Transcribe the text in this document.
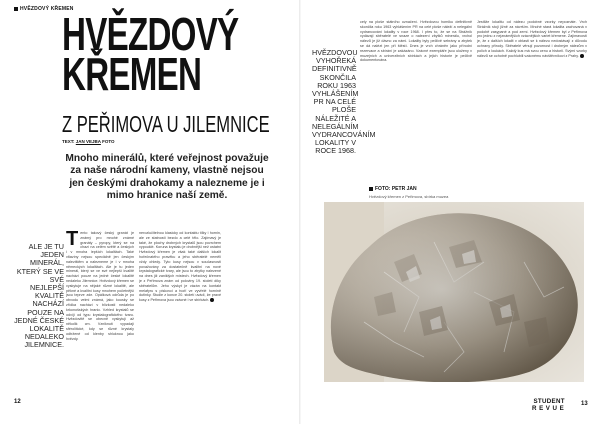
HVĚZDOVÝ KŘEMEN
HVĚZDOVÝ
KŘEMEN
Z PEŘIMOVA U JILEMNICE
TEXT: JAN VEJBA FOTO
Mnoho minerálů, které veřejnost považuje za naše národní kameny, vlastně nejsou jen českými drahokamy a nalezneme je i mimo hranice naší země.
ALE JE TU JEDEN MINERÁL, KTERÝ SE VE SVÉ NEJLEPŠÍ KVALITĚ NACHÁZÍ POUZE NA JEDNÉ ČESKÉ LOKALITĚ NEDALEKO JILEMNICE.
Tento takový český granát je známý pro mnohé známé granáty – pyropy, který se na chazí na celém světě a českých i v mnoha lepších lokalitách. Také vltavíny nejsou speciálně jen českým nalezištěm a nalezneme je i v mnoha německých lokalitách. Ale je tu jeden minerál, který se ve své nejlepší kvalitě nachází pouze na jedné české lokalitě nedaleko Jilemnice. Hvězdový křemen se vyskytuje na nějaké různé lokalitě, ale pěkné a kvalitní kusy mnohem početnější jsou teprve zde. Opálková odrůda je po obvodu velmi známá, jako kousky se zřídka nachází v blízkosti nedaleko krkonošských hranic. Vzhled krystalů se odvíjí od typu krystalografického tvaru. Hvězdovitě se obecně vyskytují až několik cm. Vzniknutí vypadají sférolitické, kdy se různé krystaly odtržené od klenby shluknou jako hvězdy.
nerozlučitelnou klasicky od kontaktu tílky i hornin, ale ze statností bezdo a celé tělo. Zajímavý je také, že plochy drobných krystalů jsou povrchem vypouklé. Koruna krystalu je drobnější než ostatní Hvězdový křemen je však také dalších lokalit hořečnatého pravěku a jeho sběratelé neměli vždy ohledy. Tyto kusy nejsou v současnosti považovány za dostatečně kvalitní na nové krystalografické tvary, ale jsou to zbytky nalezené na dnes již zaniklých místech. Hvězdový křemen je z Peřimova znám od poloviny 19. století díky sběratelům. Jeho výskyt je vázán na kontakt melafyru s pískovci a tvoří ve vyvřelé hornině dutinky. Studie z konce 20. století uvádí, že pravé kusy z Peřimova jsou vzácné i ve sbírkách.
12
HVĚZDOVOU VYHOŘEKÁ DEFINITIVNĚ SKONČILA ROKU 1963 VYHLÁŠENÍM PR NA CELÉ PLOŠE NÁLEŽITÉ A NELEGÁLNÍM VYDRANCOVÁNÍM LOKALITY V ROCE 1968.
cely na ploše státního označení. Hvězdovou horniku definitivně skončila roku 1963 vyhlášením PR na celé ploše náleží a nelegální vydrancování lokality v roce 1968. I přes to, že se na Strážník vydávají sběratelé ve snaze o nalezení zbytků minerálu, vrchol nálezů je již dávno za námi. Lokality byly pečlivě sebrány a zbytek se dá nalézt jen při štěstí. Dnes je vrch chráněn jako přírodní rezervace a sbírání je zakázáno. Vzácné exempláře jsou uloženy v muzejních a univerzitních sbírkách a jejich historie je pečlivě dokumentována.
Jestliže lokalitu od nálezu podobné vzorky nepoznáte. Vrch Strážník stojí jižně za návrším. Mnohé stará lokalita zachovaná v podobě zasypané a pod zemí. Hvězdový křemen byl z Peřimova pro jednu z nejznámějších vzácnějších variet křemene. Zajímavostí je, že z dalších lokalit v oblasti se k nálezu nedostávají z důvodu ochrany přírody. Sběratelé věnují pozornost i drobným nálezům v polích a loukách. Každý kus má svou cenu a historii. Svými vzorky nálezů se ochotně pochlubili vzácnému návštěvníkovi z Prahy.
FOTO: PETR JAN
Hvězdový křemen z Peřimova, sbírka muzea
STUDENT
REVUE
13
